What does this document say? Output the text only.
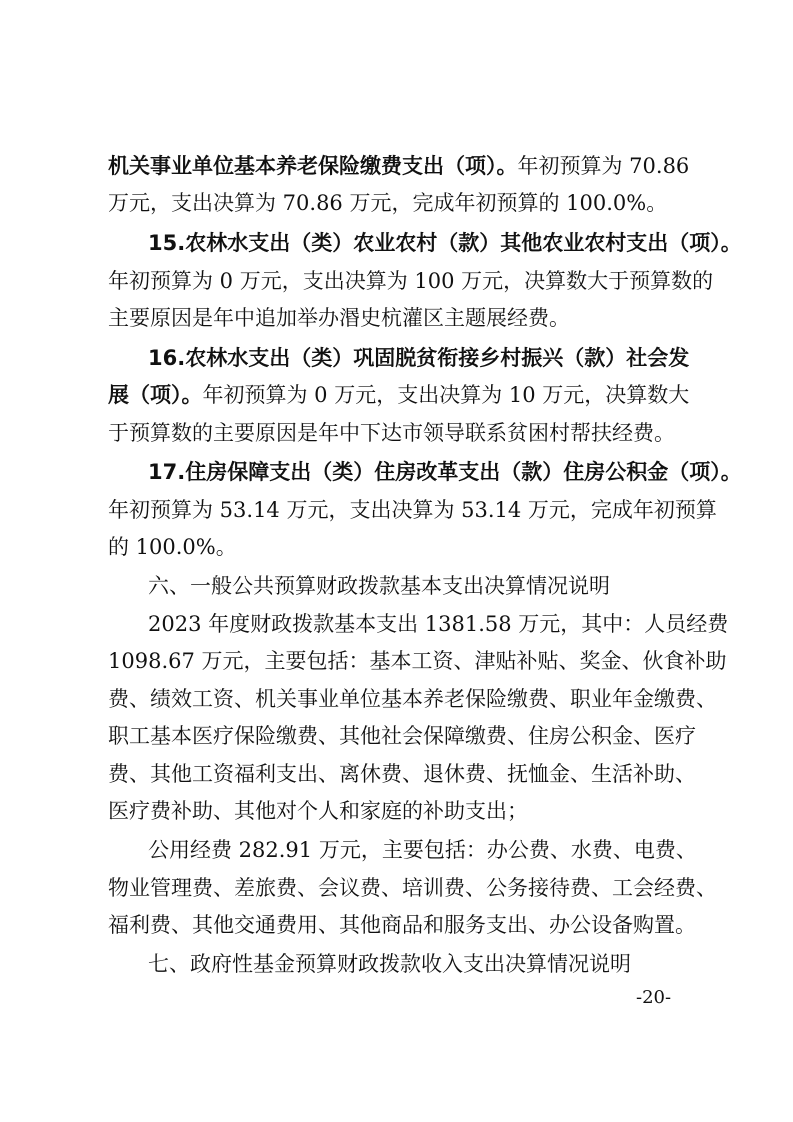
机关事业单位基本养老保险缴费支出（项）。年初预算为 70.86
万元，支出决算为 70.86 万元，完成年初预算的 100.0%。
15.农林水支出（类）农业农村（款）其他农业农村支出（项）。
年初预算为 0 万元，支出决算为 100 万元，决算数大于预算数的
主要原因是年中追加举办湣史杭灌区主题展经费。
16.农林水支出（类）巩固脱贫衔接乡村振兴（款）社会发
展（项）。年初预算为 0 万元，支出决算为 10 万元，决算数大
于预算数的主要原因是年中下达市领导联系贫困村帮扶经费。
17.住房保障支出（类）住房改革支出（款）住房公积金（项）。
年初预算为 53.14 万元，支出决算为 53.14 万元，完成年初预算
的 100.0%。
六、一般公共预算财政拨款基本支出决算情况说明
2023 年度财政拨款基本支出 1381.58 万元，其中：人员经费
1098.67 万元，主要包括：基本工资、津贴补贴、奖金、伙食补助
费、绩效工资、机关事业单位基本养老保险缴费、职业年金缴费、
职工基本医疗保险缴费、其他社会保障缴费、住房公积金、医疗
费、其他工资福利支出、离休费、退休费、抚恤金、生活补助、
医疗费补助、其他对个人和家庭的补助支出；
公用经费 282.91 万元，主要包括：办公费、水费、电费、
物业管理费、差旅费、会议费、培训费、公务接待费、工会经费、
福利费、其他交通费用、其他商品和服务支出、办公设备购置。
七、政府性基金预算财政拨款收入支出决算情况说明
-20-
